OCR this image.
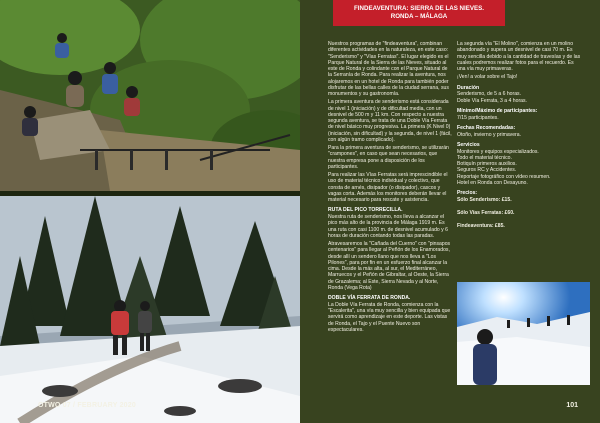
FINDEAVENTURA: SIERRA DE LAS NIEVES.
RONDA – MÁLAGA

Nuestros programas de "findeaventura", combinan diferentes actividades en la naturaleza, en este caso: "Senderismo" y "Vías Ferratas". El lugar elegido es el Parque Natural de la Sierra de las Nieves, situado al este de Ronda y colindante con el Parque Natural de la Serranía de Ronda. Para realizar la aventura, nos alojaremos en un hotel de Ronda para también poder disfrutar de las bellas calles de la ciudad serrana, sus monumentos y su gastronomía.

La primera aventura de senderismo está considerada de nivel 1 (iniciación) y de dificultad media, con un desnivel de 500 m y 11 km. Con respecto a nuestra segunda aventura, se trata de una Doble Vía Ferrata de nivel básico muy progresiva. La primera (K Nivel 0) (iniciación, sin dificultad) y la segunda, de nivel 1 (fácil, con algún tramo complicado).

Para la primera aventura de senderismo, se utilizarán "crampones", en caso que sean necesarios, que nuestra empresa pone a disposición de los participantes.

Para realizar las Vías Ferratas será imprescindible el uso de material técnico individual y colectivo, que consta de arnés, disipador (o disipador), cascos y vagas corta. Además los monitores deberán llevar el material necesario para rescate y asistencia.

RUTA DEL PICO TORRECILLA.

Nuestra ruta de senderismo, nos lleva a alcanzar el pico más alto de la provincia de Málaga 1919 m. Es una ruta con casi 1100 m. de desnivel acumulado y 6 horas de duración contando todas las paradas.

Atravesaremos la "Cañada del Cuerno" con "pinsapos centenarios" para llegar al Peñón de los Enamorados, desde allí un sendero llano que nos lleva a "Los Pilones", para por fin en un esfuerzo final alcanzar la cima. Desde la más alta, al sur, el Mediterráneo, Marruecos y el Peñón de Gibraltar, al Oeste, la Sierra de Grazalema; al Este, Sierra Nevada y al Norte, Ronda (Vega Rota)

DOBLE VÍA FERRATA DE RONDA.

La Doble Vía Ferrata de Ronda, comienza con la "Escalerita", una vía muy sencilla y bien equipada que servirá como aprendizaje en este deporte. Las vistas de Ronda, el Tajo y el Puente Nuevo son espectaculares.

La segunda vía "El Molino", comienza en un molino abandonado y supera un desnivel de casi 70 m. Es muy sencilla debido a la cantidad de travesías y de las cuales podremos realizar fotos para el recuerdo. Es una vía muy primaveras.

¡Ven! a volar sobre el Tajo!

Duración
Senderismo, de 5 a 6 horas.
Doble Vía Ferrata, 3 a 4 horas.
Mínimo/Máximo de participantes:
7/15 participantes.
Fechas Recomendadas:
Otoño, invierno y primavera.
Servicios
Monitores y equipos especializados.
Todo el material técnico.
Botiquín primeros auxilios.
Seguros RC y Accidentes.
Reportaje fotográfico con vídeo resumen.
Hotel en Ronda con Desayuno.
Precios:
Sólo Senderismo: £15.
Sólo Vías Ferratas: £60.
Findeaventura: £85.
OTWO 07 / FEBRUARY 2020	101
